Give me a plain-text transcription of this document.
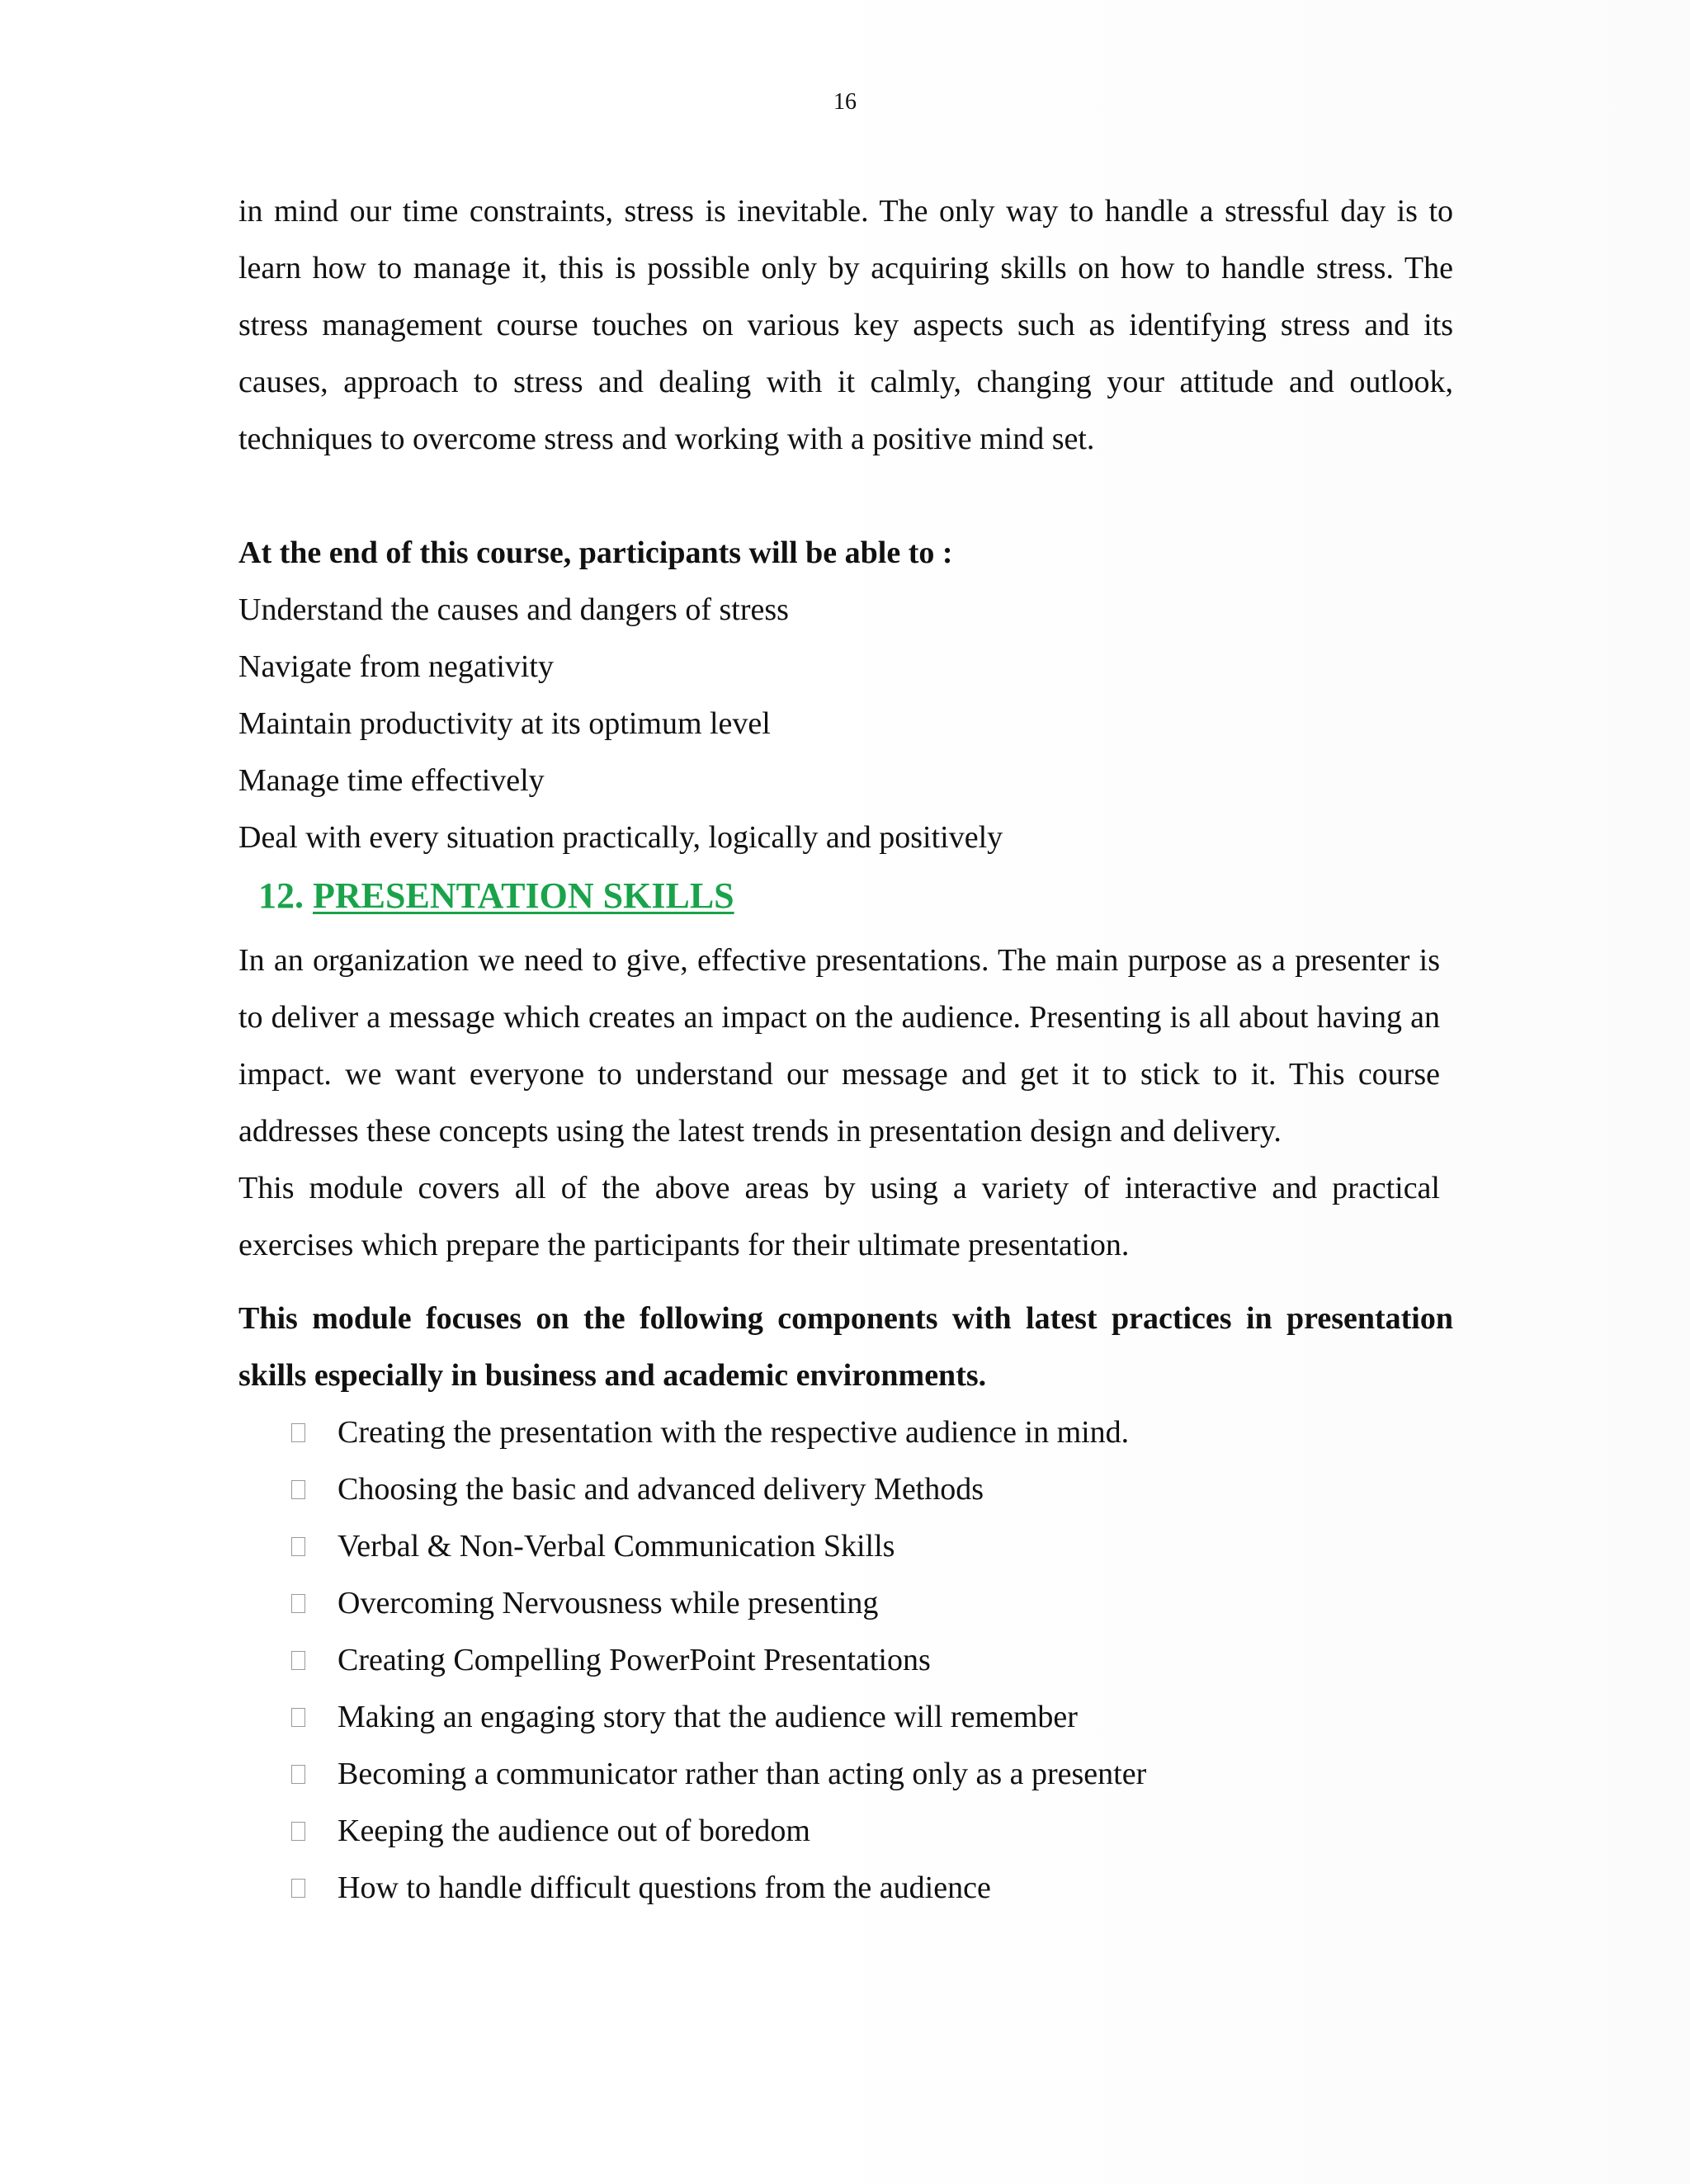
16

in mind our time constraints, stress is inevitable. The only way to handle a stressful day is to learn how to manage it, this is possible only by acquiring skills on how to handle stress. The stress management course touches on various key aspects such as identifying stress and its causes, approach to stress and dealing with it calmly, changing your attitude and outlook, techniques to overcome stress and working with a positive mind set.

At the end of this course, participants will be able to :

Understand the causes and dangers of stress

Navigate from negativity

Maintain productivity at its optimum level

Manage time effectively

Deal with every situation practically, logically and positively

12. PRESENTATION SKILLS

In an organization we need to give, effective presentations. The main purpose as a presenter is to deliver a message which creates an impact on the audience. Presenting is all about having an impact. we want everyone to understand our message and get it to stick to it. This course addresses these concepts using the latest trends in presentation design and delivery.

This module covers all of the above areas by using a variety of interactive and practical exercises which prepare the participants for their ultimate presentation.

This module focuses on the following components with latest practices in presentation skills especially in business and academic environments.

Creating the presentation with the respective audience in mind.
Choosing the basic and advanced delivery Methods
Verbal & Non-Verbal Communication Skills
Overcoming Nervousness while presenting
Creating Compelling PowerPoint Presentations
Making an engaging story that the audience will remember
Becoming a communicator rather than acting only as a presenter
Keeping the audience out of boredom
How to handle difficult questions from the audience
